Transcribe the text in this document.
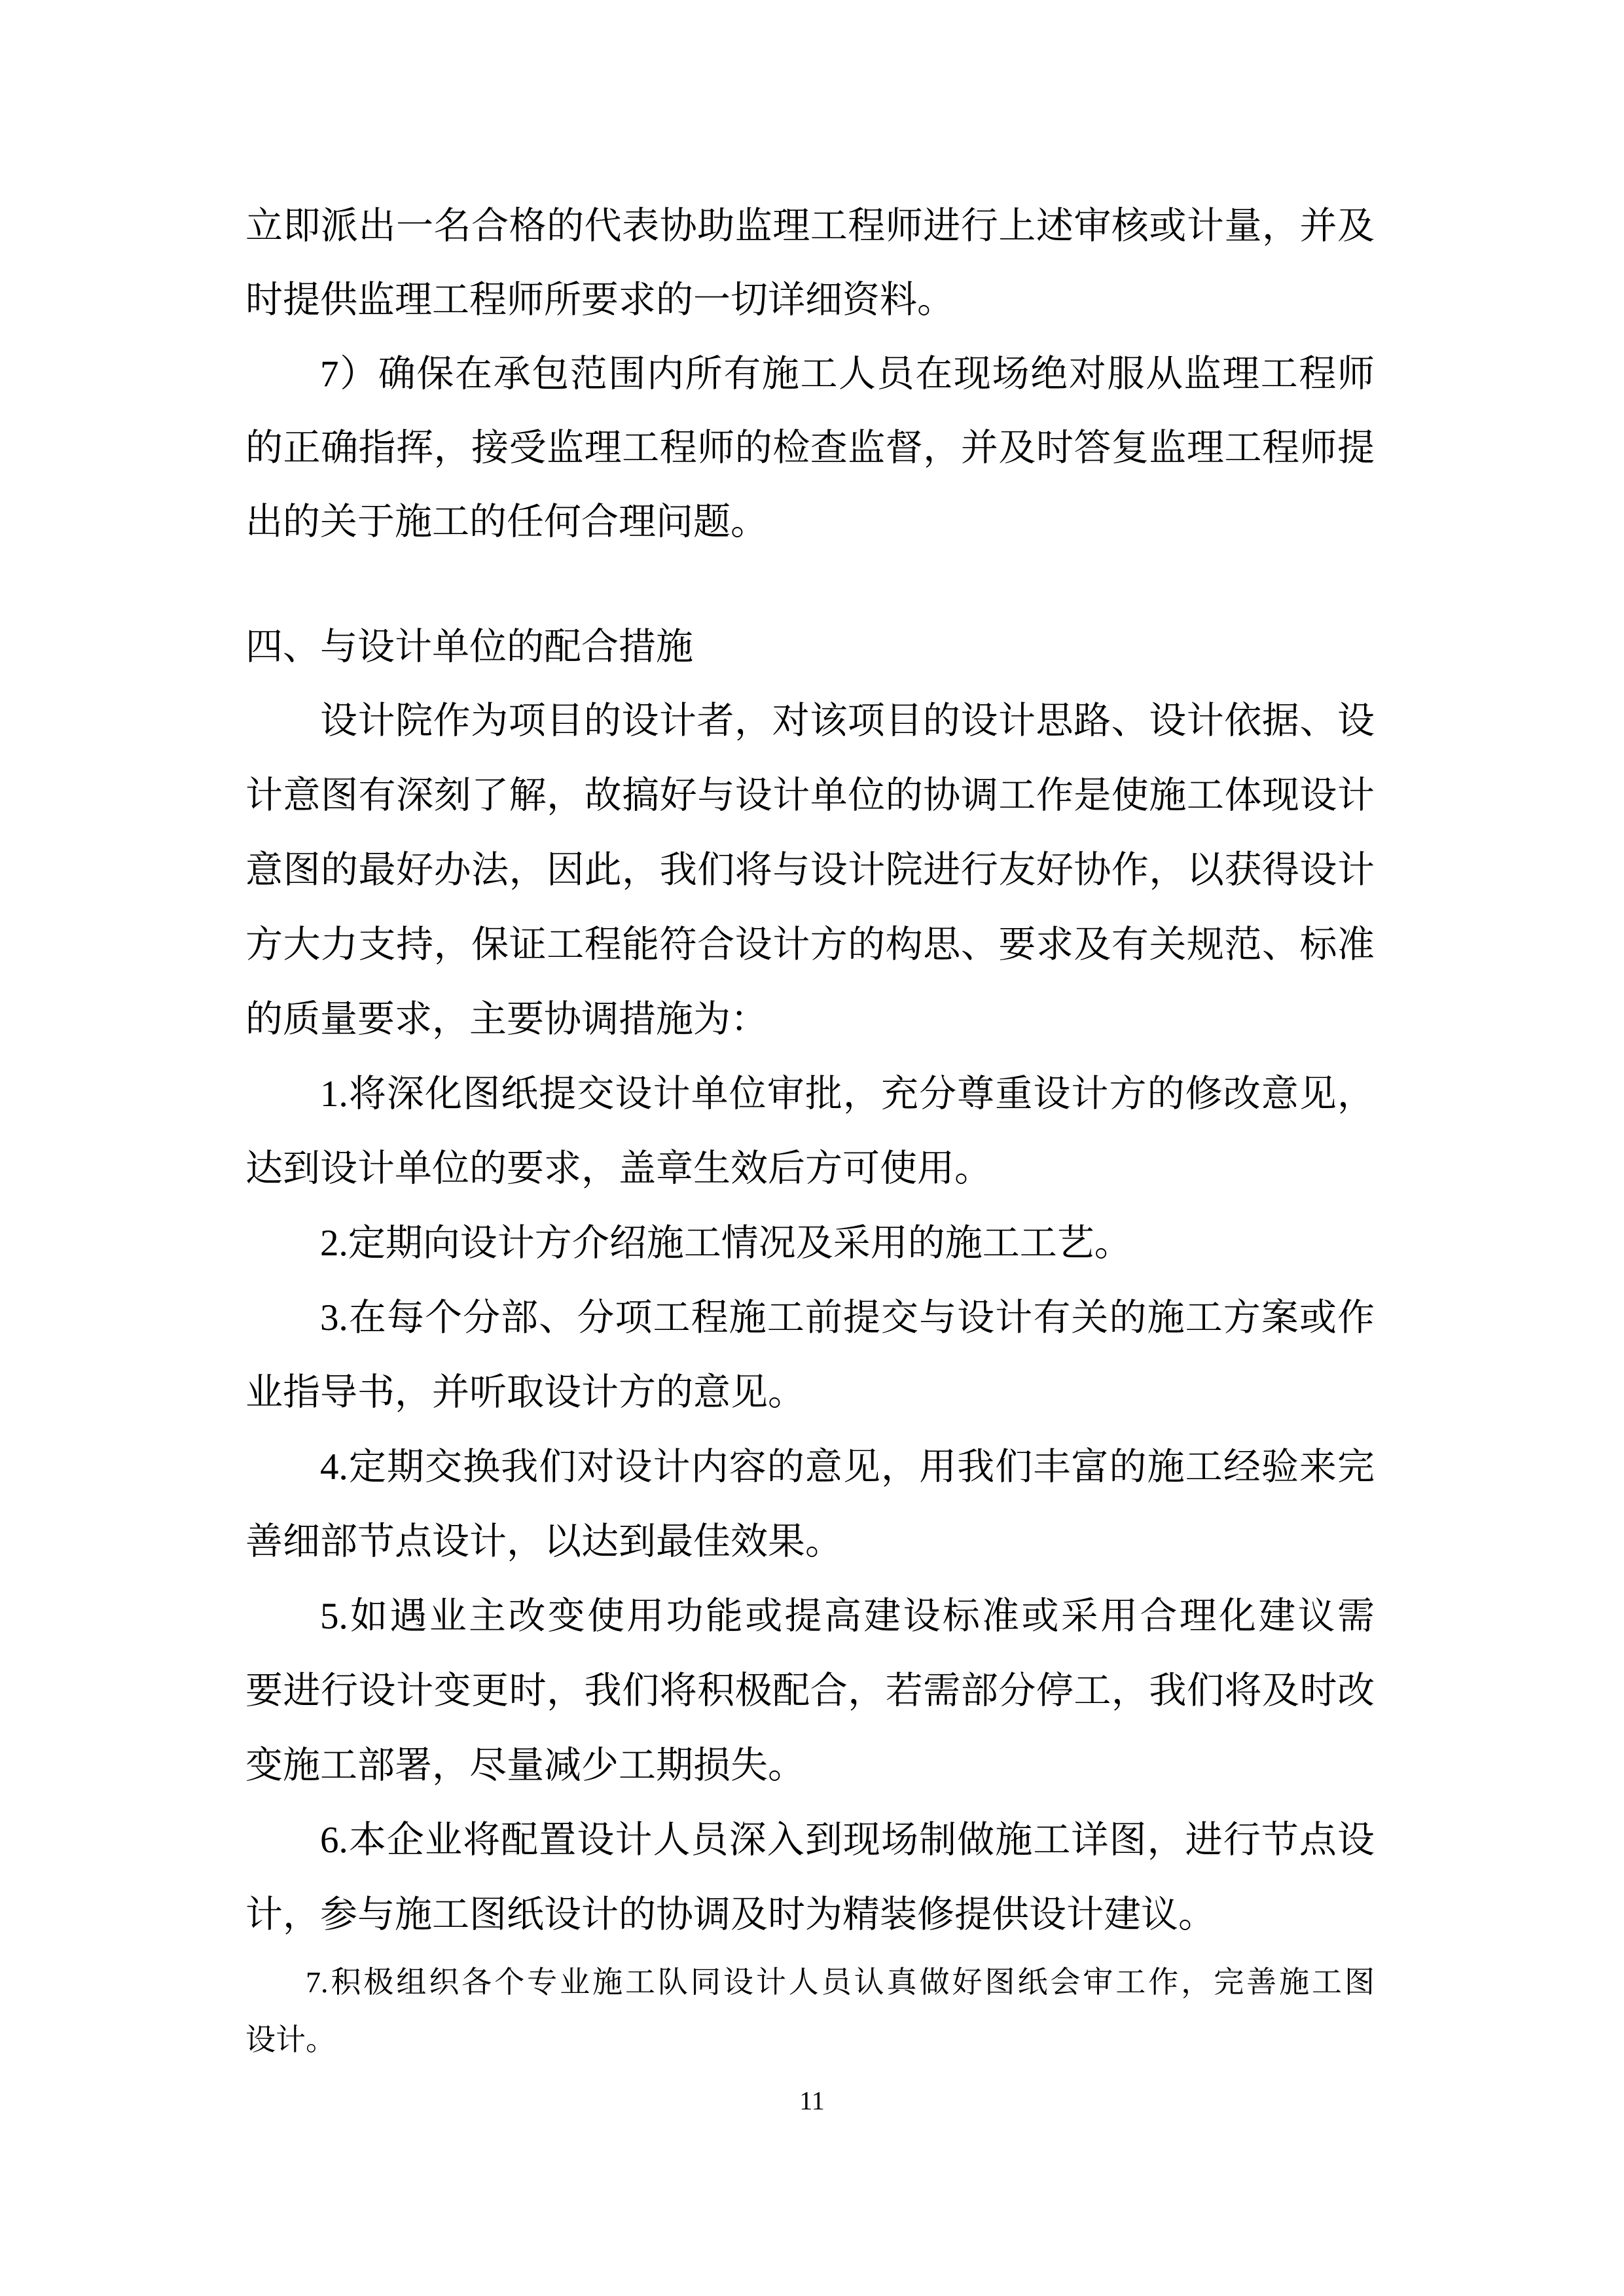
立即派出一名合格的代表协助监理工程师进行上述审核或计量，并及
时提供监理工程师所要求的一切详细资料。
7）确保在承包范围内所有施工人员在现场绝对服从监理工程师
的正确指挥，接受监理工程师的检查监督，并及时答复监理工程师提
出的关于施工的任何合理问题。
四、与设计单位的配合措施
设计院作为项目的设计者，对该项目的设计思路、设计依据、设
计意图有深刻了解，故搞好与设计单位的协调工作是使施工体现设计
意图的最好办法，因此，我们将与设计院进行友好协作，以获得设计
方大力支持，保证工程能符合设计方的构思、要求及有关规范、标准
的质量要求，主要协调措施为：
1.将深化图纸提交设计单位审批，充分尊重设计方的修改意见，
达到设计单位的要求，盖章生效后方可使用。
2.定期向设计方介绍施工情况及采用的施工工艺。
3.在每个分部、分项工程施工前提交与设计有关的施工方案或作
业指导书，并听取设计方的意见。
4.定期交换我们对设计内容的意见，用我们丰富的施工经验来完
善细部节点设计，以达到最佳效果。
5.如遇业主改变使用功能或提高建设标准或采用合理化建议需
要进行设计变更时，我们将积极配合，若需部分停工，我们将及时改
变施工部署，尽量减少工期损失。
6.本企业将配置设计人员深入到现场制做施工详图，进行节点设
计，参与施工图纸设计的协调及时为精装修提供设计建议。
7.积极组织各个专业施工队同设计人员认真做好图纸会审工作，完善施工图
设计。
11
